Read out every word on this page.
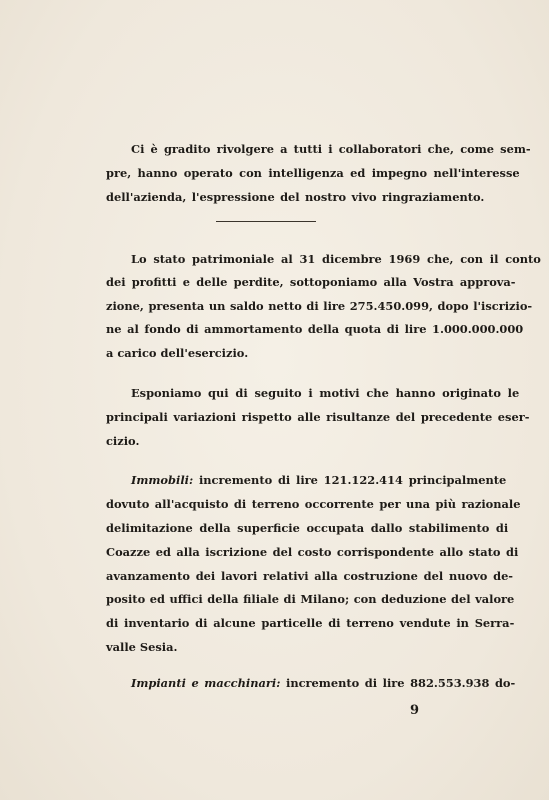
Ci è gradito rivolgere a tutti i collaboratori che, come sem-
pre, hanno operato con intelligenza ed impegno nell'interesse
dell'azienda, l'espressione del nostro vivo ringraziamento.
Lo stato patrimoniale al 31 dicembre 1969 che, con il conto
dei profitti e delle perdite, sottoponiamo alla Vostra approva-
zione, presenta un saldo netto di lire 275.450.099, dopo l'iscrizio-
ne al fondo di ammortamento della quota di lire 1.000.000.000
a carico dell'esercizio.
Esponiamo qui di seguito i motivi che hanno originato le
principali variazioni rispetto alle risultanze del precedente eser-
cizio.
Immobili: incremento di lire 121.122.414 principalmente
dovuto all'acquisto di terreno occorrente per una più razionale
delimitazione della superficie occupata dallo stabilimento di
Coazze ed alla iscrizione del costo corrispondente allo stato di
avanzamento dei lavori relativi alla costruzione del nuovo de-
posito ed uffici della filiale di Milano; con deduzione del valore
di inventario di alcune particelle di terreno vendute in Serra-
valle Sesia.
Impianti e macchinari: incremento di lire 882.553.938 do-
9
